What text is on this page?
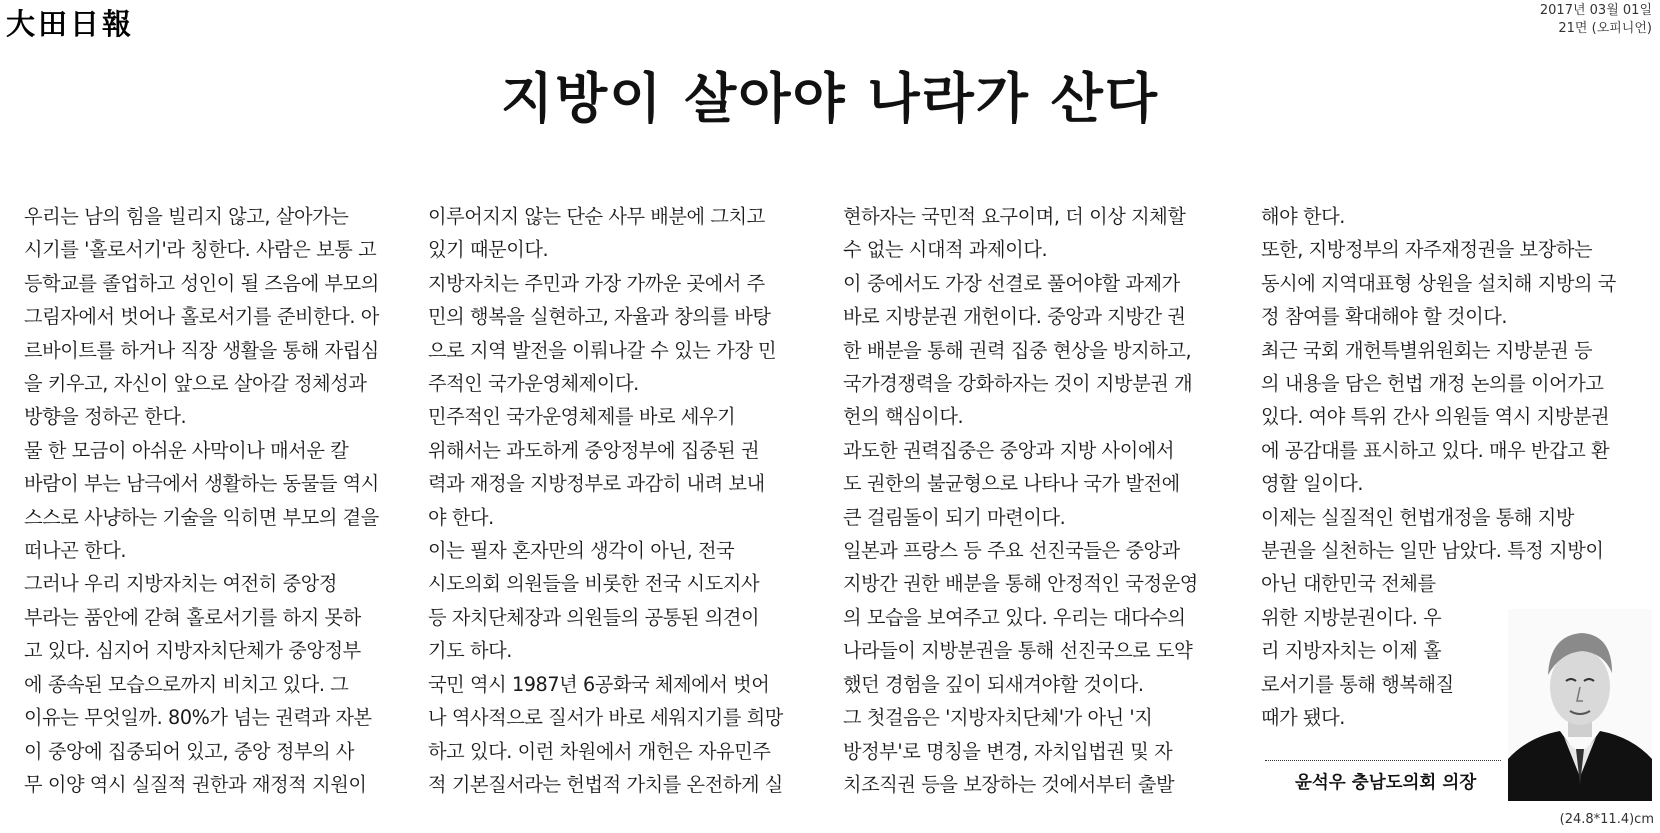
大田日報	2017년 03월 01일
21면 (오피니언)
지방이 살아야 나라가 산다

우리는 남의 힘을 빌리지 않고, 살아가는

시기를 '홀로서기'라 칭한다. 사람은 보통 고

등학교를 졸업하고 성인이 될 즈음에 부모의

그림자에서 벗어나 홀로서기를 준비한다. 아

르바이트를 하거나 직장 생활을 통해 자립심

을 키우고, 자신이 앞으로 살아갈 정체성과

방향을 정하곤 한다.

물 한 모금이 아쉬운 사막이나 매서운 칼

바람이 부는 남극에서 생활하는 동물들 역시

스스로 사냥하는 기술을 익히면 부모의 곁을

떠나곤 한다.

그러나 우리 지방자치는 여전히 중앙정

부라는 품안에 갇혀 홀로서기를 하지 못하

고 있다. 심지어 지방자치단체가 중앙정부

에 종속된 모습으로까지 비치고 있다. 그

이유는 무엇일까. 80%가 넘는 권력과 자본

이 중앙에 집중되어 있고, 중앙 정부의 사

무 이양 역시 실질적 권한과 재정적 지원이

이루어지지 않는 단순 사무 배분에 그치고

있기 때문이다.

지방자치는 주민과 가장 가까운 곳에서 주

민의 행복을 실현하고, 자율과 창의를 바탕

으로 지역 발전을 이뤄나갈 수 있는 가장 민

주적인 국가운영체제이다.

민주적인 국가운영체제를 바로 세우기

위해서는 과도하게 중앙정부에 집중된 권

력과 재정을 지방정부로 과감히 내려 보내

야 한다.

이는 필자 혼자만의 생각이 아닌, 전국

시도의회 의원들을 비롯한 전국 시도지사

등 자치단체장과 의원들의 공통된 의견이

기도 하다.

국민 역시 1987년 6공화국 체제에서 벗어

나 역사적으로 질서가 바로 세워지기를 희망

하고 있다. 이런 차원에서 개헌은 자유민주

적 기본질서라는 헌법적 가치를 온전하게 실

현하자는 국민적 요구이며, 더 이상 지체할

수 없는 시대적 과제이다.

이 중에서도 가장 선결로 풀어야할 과제가

바로 지방분권 개헌이다. 중앙과 지방간 권

한 배분을 통해 권력 집중 현상을 방지하고,

국가경쟁력을 강화하자는 것이 지방분권 개

헌의 핵심이다.

과도한 권력집중은 중앙과 지방 사이에서

도 권한의 불균형으로 나타나 국가 발전에

큰 걸림돌이 되기 마련이다.

일본과 프랑스 등 주요 선진국들은 중앙과

지방간 권한 배분을 통해 안정적인 국정운영

의 모습을 보여주고 있다. 우리는 대다수의

나라들이 지방분권을 통해 선진국으로 도약

했던 경험을 깊이 되새겨야할 것이다.

그 첫걸음은 '지방자치단체'가 아닌 '지

방정부'로 명칭을 변경, 자치입법권 및 자

치조직권 등을 보장하는 것에서부터 출발

해야 한다.

또한, 지방정부의 자주재정권을 보장하는

동시에 지역대표형 상원을 설치해 지방의 국

정 참여를 확대해야 할 것이다.

최근 국회 개헌특별위원회는 지방분권 등

의 내용을 담은 헌법 개정 논의를 이어가고

있다. 여야 특위 간사 의원들 역시 지방분권

에 공감대를 표시하고 있다. 매우 반갑고 환

영할 일이다.

이제는 실질적인 헌법개정을 통해 지방

분권을 실천하는 일만 남았다. 특정 지방이

아닌 대한민국 전체를

위한 지방분권이다. 우

리 지방자치는 이제 홀

로서기를 통해 행복해질

때가 됐다.

윤석우 충남도의회 의장
(24.8*11.4)cm
